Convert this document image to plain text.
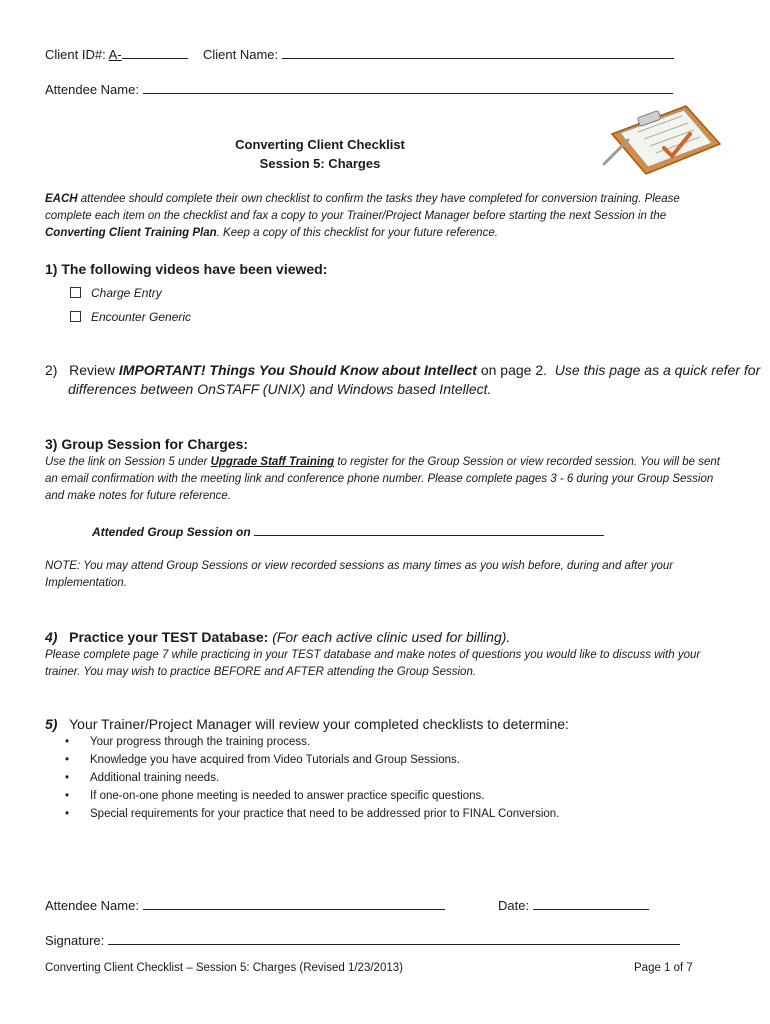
Client ID#: A-	Client Name:
Attendee Name:
Converting Client Checklist
Session 5: Charges
EACH attendee should complete their own checklist to confirm the tasks they have completed for conversion training. Please complete each item on the checklist and fax a copy to your Trainer/Project Manager before starting the next Session in the Converting Client Training Plan. Keep a copy of this checklist for your future reference.
1) The following videos have been viewed:
Charge Entry
Encounter Generic
2) Review IMPORTANT! Things You Should Know about Intellect on page 2. Use this page as a quick refer for
differences between OnSTAFF (UNIX) and Windows based Intellect.
3) Group Session for Charges:
Use the link on Session 5 under Upgrade Staff Training to register for the Group Session or view recorded session. You will be sent an email confirmation with the meeting link and conference phone number. Please complete pages 3 - 6 during your Group Session and make notes for future reference.
Attended Group Session on
NOTE: You may attend Group Sessions or view recorded sessions as many times as you wish before, during and after your Implementation.
4) Practice your TEST Database: (For each active clinic used for billing).
Please complete page 7 while practicing in your TEST database and make notes of questions you would like to discuss with your trainer. You may wish to practice BEFORE and AFTER attending the Group Session.
5) Your Trainer/Project Manager will review your completed checklists to determine:
• Your progress through the training process.
• Knowledge you have acquired from Video Tutorials and Group Sessions.
• Additional training needs.
• If one-on-one phone meeting is needed to answer practice specific questions.
• Special requirements for your practice that need to be addressed prior to FINAL Conversion.
Attendee Name:	Date:
Signature:
Converting Client Checklist – Session 5: Charges (Revised 1/23/2013)	Page 1 of 7
